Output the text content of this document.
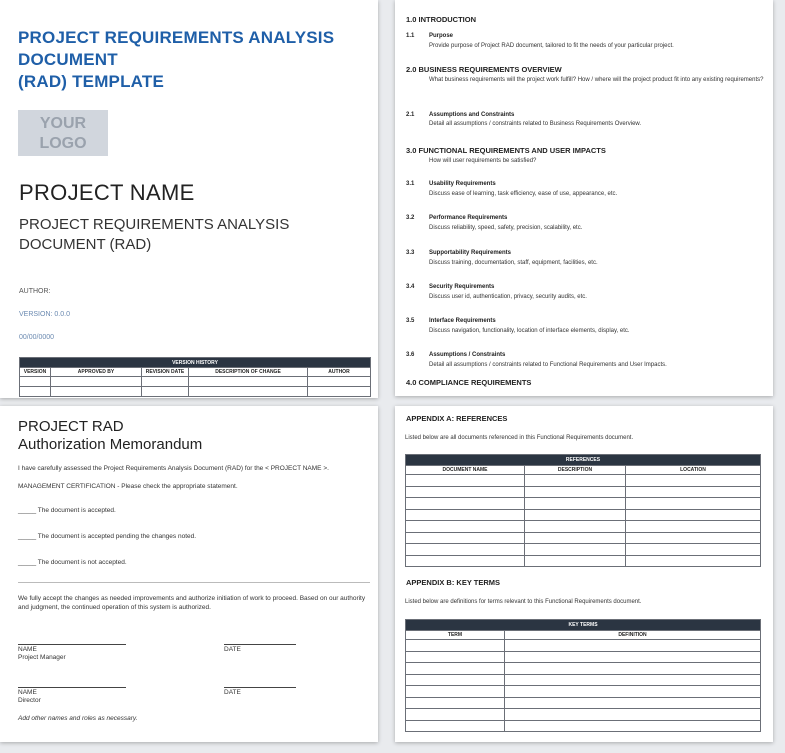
PROJECT REQUIREMENTS ANALYSIS
DOCUMENT
(RAD) TEMPLATE
YOUR
LOGO
PROJECT NAME
PROJECT REQUIREMENTS ANALYSIS DOCUMENT (RAD)
AUTHOR:
VERSION: 0.0.0
00/00/0000
VERSION HISTORY				
VERSION	APPROVED BY	REVISION DATE	DESCRIPTION OF CHANGE	AUTHOR

1.0 INTRODUCTION
1.1 Purpose
Provide purpose of Project RAD document, tailored to fit the needs of your particular project.
2.0 BUSINESS REQUIREMENTS OVERVIEW
What business requirements will the project work fulfill? How / where will the project product fit into any existing requirements?
2.1 Assumptions and Constraints
Detail all assumptions / constraints related to Business Requirements Overview.
3.0 FUNCTIONAL REQUIREMENTS AND USER IMPACTS
How will user requirements be satisfied?
3.1 Usability Requirements
Discuss ease of learning, task efficiency, ease of use, appearance, etc.
3.2 Performance Requirements
Discuss reliability, speed, safety, precision, scalability, etc.
3.3 Supportability Requirements
Discuss training, documentation, staff, equipment, facilities, etc.
3.4 Security Requirements
Discuss user id, authentication, privacy, security audits, etc.
3.5 Interface Requirements
Discuss navigation, functionality, location of interface elements, display, etc.
3.6 Assumptions / Constraints
Detail all assumptions / constraints related to Functional Requirements and User Impacts.
4.0 COMPLIANCE REQUIREMENTS
PROJECT RAD
Authorization Memorandum
I have carefully assessed the Project Requirements Analysis Document (RAD) for the < PROJECT NAME >.
MANAGEMENT CERTIFICATION - Please check the appropriate statement.
_____ The document is accepted.
_____ The document is accepted pending the changes noted.
_____ The document is not accepted.
We fully accept the changes as needed improvements and authorize initiation of work to proceed. Based on our authority and judgment, the continued operation of this system is authorized.
NAME
Project Manager
DATE
NAME
Director
DATE
Add other names and roles as necessary.
APPENDIX A: REFERENCES
Listed below are all documents referenced in this Functional Requirements document.
REFERENCES		
DOCUMENT NAME	DESCRIPTION	LOCATION

APPENDIX B: KEY TERMS
Listed below are definitions for terms relevant to this Functional Requirements document.
KEY TERMS	
TERM	DEFINITION
